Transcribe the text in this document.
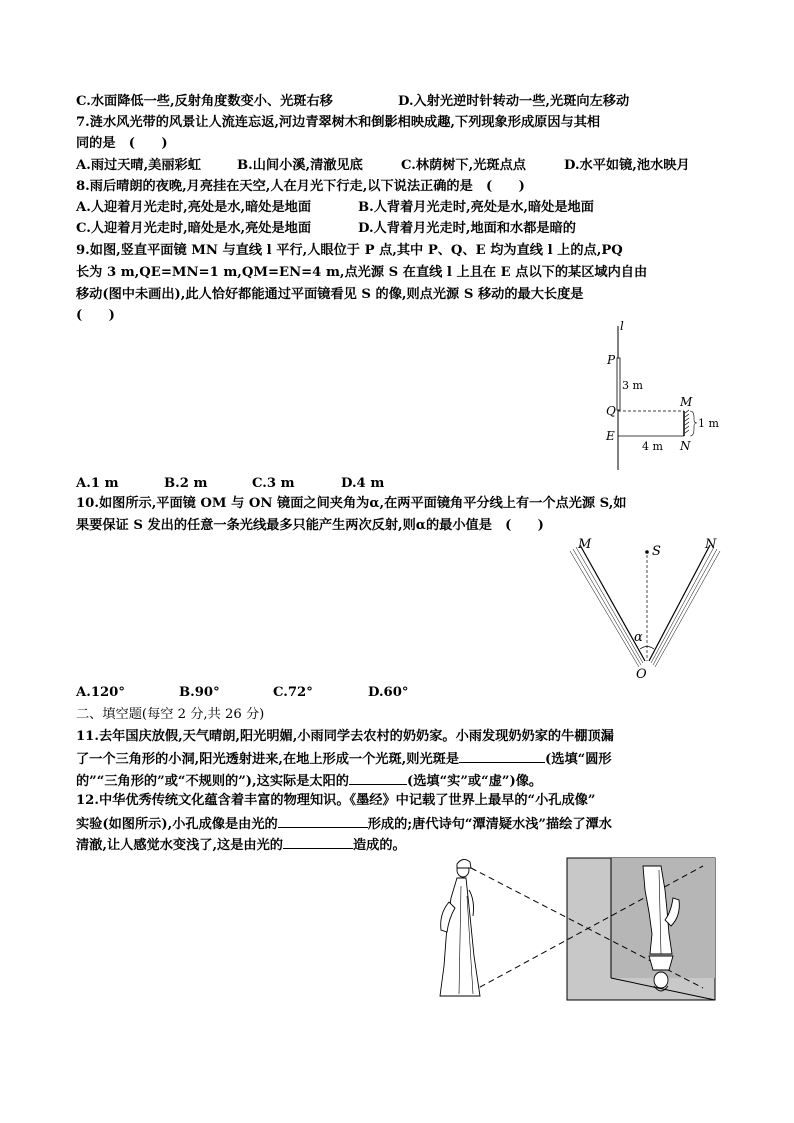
C.水面降低一些,反射角度数变小、光斑右移	D.入射光逆时针转动一些,光斑向左移动
7.涟水风光带的风景让人流连忘返,河边青翠树木和倒影相映成趣,下列现象形成原因与其相
同的是　(　　)
A.雨过天晴,美丽彩虹	B.山间小溪,清澈见底	C.林荫树下,光斑点点	D.水平如镜,池水映月
8.雨后晴朗的夜晚,月亮挂在天空,人在月光下行走,以下说法正确的是　(　　)
A.人迎着月光走时,亮处是水,暗处是地面	B.人背着月光走时,亮处是水,暗处是地面
C.人迎着月光走时,暗处是水,亮处是地面	D.人背着月光走时,地面和水都是暗的
9.如图,竖直平面镜 MN 与直线 l 平行,人眼位于 P 点,其中 P、Q、E 均为直线 l 上的点,PQ
长为 3 m,QE=MN=1 m,QM=EN=4 m,点光源 S 在直线 l 上且在 E 点以下的某区域内自由
移动(图中未画出),此人恰好都能通过平面镜看见 S 的像,则点光源 S 移动的最大长度是
(　　)
l
P
Q
E
M
N
3 m
1 m
4 m
A.1 m	B.2 m	C.3 m	D.4 m
10.如图所示,平面镜 OM 与 ON 镜面之间夹角为α,在两平面镜角平分线上有一个点光源 S,如
果要保证 S 发出的任意一条光线最多只能产生两次反射,则α的最小值是　(　　)
M	N
S
α
O
A.120°	B.90°	C.72°	D.60°
二、填空题(每空 2 分,共 26 分)
11.去年国庆放假,天气晴朗,阳光明媚,小雨同学去农村的奶奶家。小雨发现奶奶家的牛棚顶漏
了一个三角形的小洞,阳光透射进来,在地上形成一个光斑,则光斑是	(选填“圆形
的”“三角形的”或“不规则的”),这实际是太阳的	(选填“实”或“虚”)像。
12.中华优秀传统文化蕴含着丰富的物理知识。《墨经》中记载了世界上最早的“小孔成像”
实验(如图所示),小孔成像是由光的	形成的;唐代诗句“潭清疑水浅”描绘了潭水
清澈,让人感觉水变浅了,这是由光的	造成的。
